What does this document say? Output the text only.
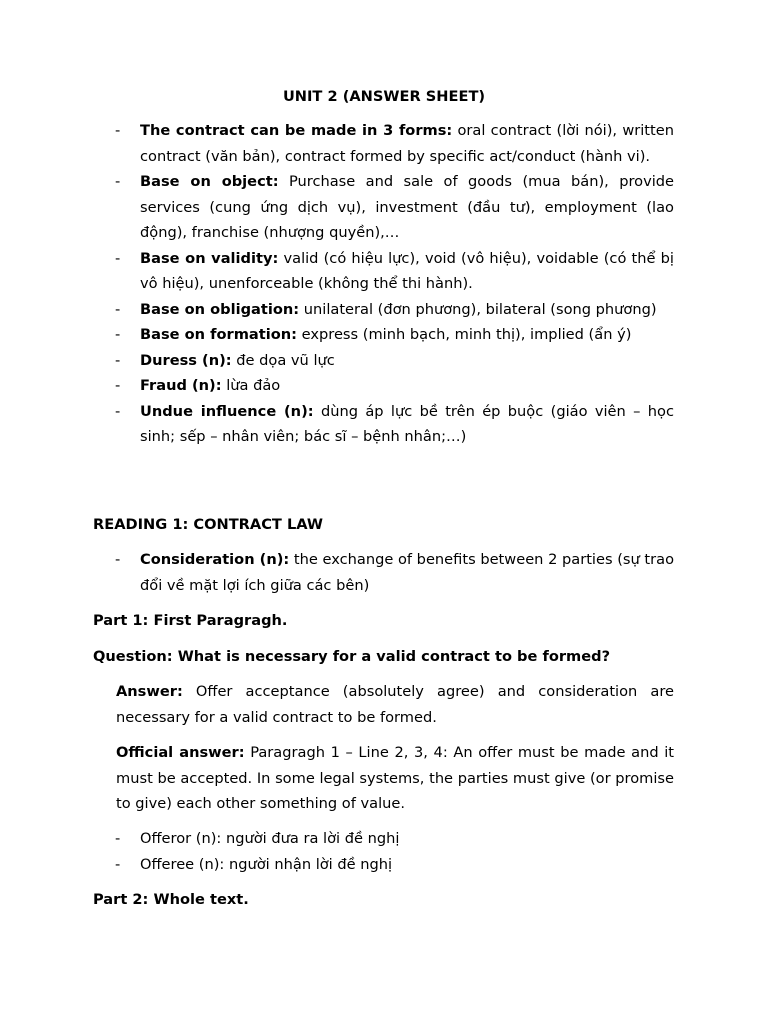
UNIT 2 (ANSWER SHEET)
- The contract can be made in 3 forms: oral contract (lời nói), written contract (văn bản), contract formed by specific act/conduct (hành vi).
- Base on object: Purchase and sale of goods (mua bán), provide services (cung ứng dịch vụ), investment (đầu tư), employment (lao động), franchise (nhượng quyền),…
- Base on validity: valid (có hiệu lực), void (vô hiệu), voidable (có thể bị vô hiệu), unenforceable (không thể thi hành).
- Base on obligation: unilateral (đơn phương), bilateral (song phương)
- Base on formation: express (minh bạch, minh thị), implied (ẩn ý)
- Duress (n): đe dọa vũ lực
- Fraud (n): lừa đảo
- Undue influence (n): dùng áp lực bề trên ép buộc (giáo viên – học sinh; sếp – nhân viên; bác sĩ – bệnh nhân;…)

READING 1: CONTRACT LAW

- Consideration (n): the exchange of benefits between 2 parties (sự trao đổi về mặt lợi ích giữa các bên)

Part 1: First Paragragh.

Question: What is necessary for a valid contract to be formed?

Answer: Offer acceptance (absolutely agree) and consideration are necessary for a valid contract to be formed.

Official answer: Paragragh 1 – Line 2, 3, 4: An offer must be made and it must be accepted. In some legal systems, the parties must give (or promise to give) each other something of value.

- Offeror (n): người đưa ra lời đề nghị
- Offeree (n): người nhận lời đề nghị

Part 2: Whole text.
